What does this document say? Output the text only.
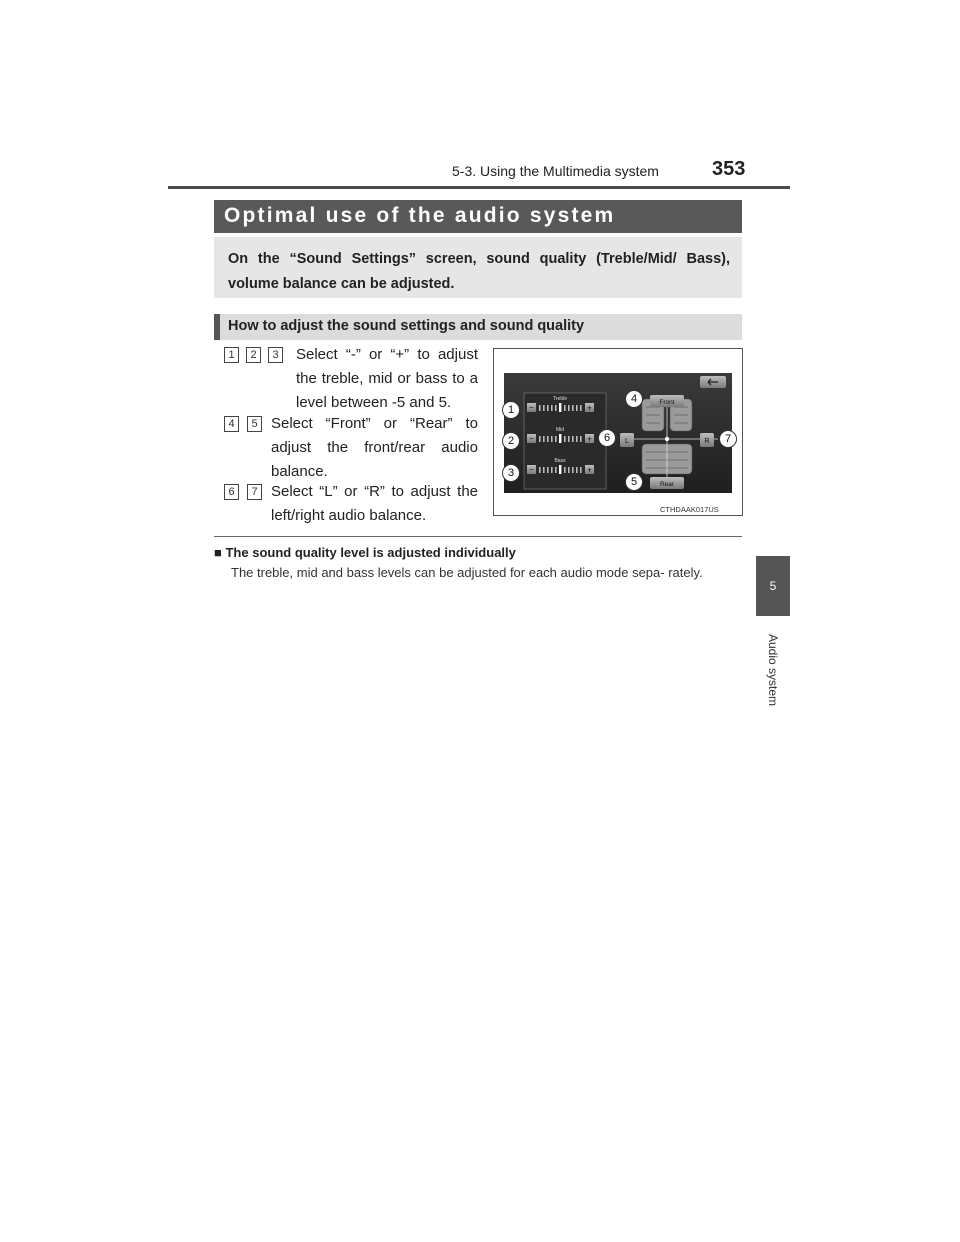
5-3. Using the Multimedia system	353
5
Audio system
Optimal use of the audio system
On the “Sound Settings” screen, sound quality (Treble/Mid/ Bass), volume balance can be adjusted.
How to adjust the sound settings and sound quality
1	2	3 Select “-” or “+” to adjust the treble, mid or bass to a level between -5 and 5.
4	5 Select “Front” or “Rear” to adjust the front/rear audio balance.
6	7 Select “L” or “R” to adjust the left/right audio balance.
Treble
−	+
Mid
−	+
Bass
−	+
Front
Rear
L	R
1
2
3
4
5
6	7
CTHDAAK017US
■ The sound quality level is adjusted individually
The treble, mid and bass levels can be adjusted for each audio mode sepa- rately.
